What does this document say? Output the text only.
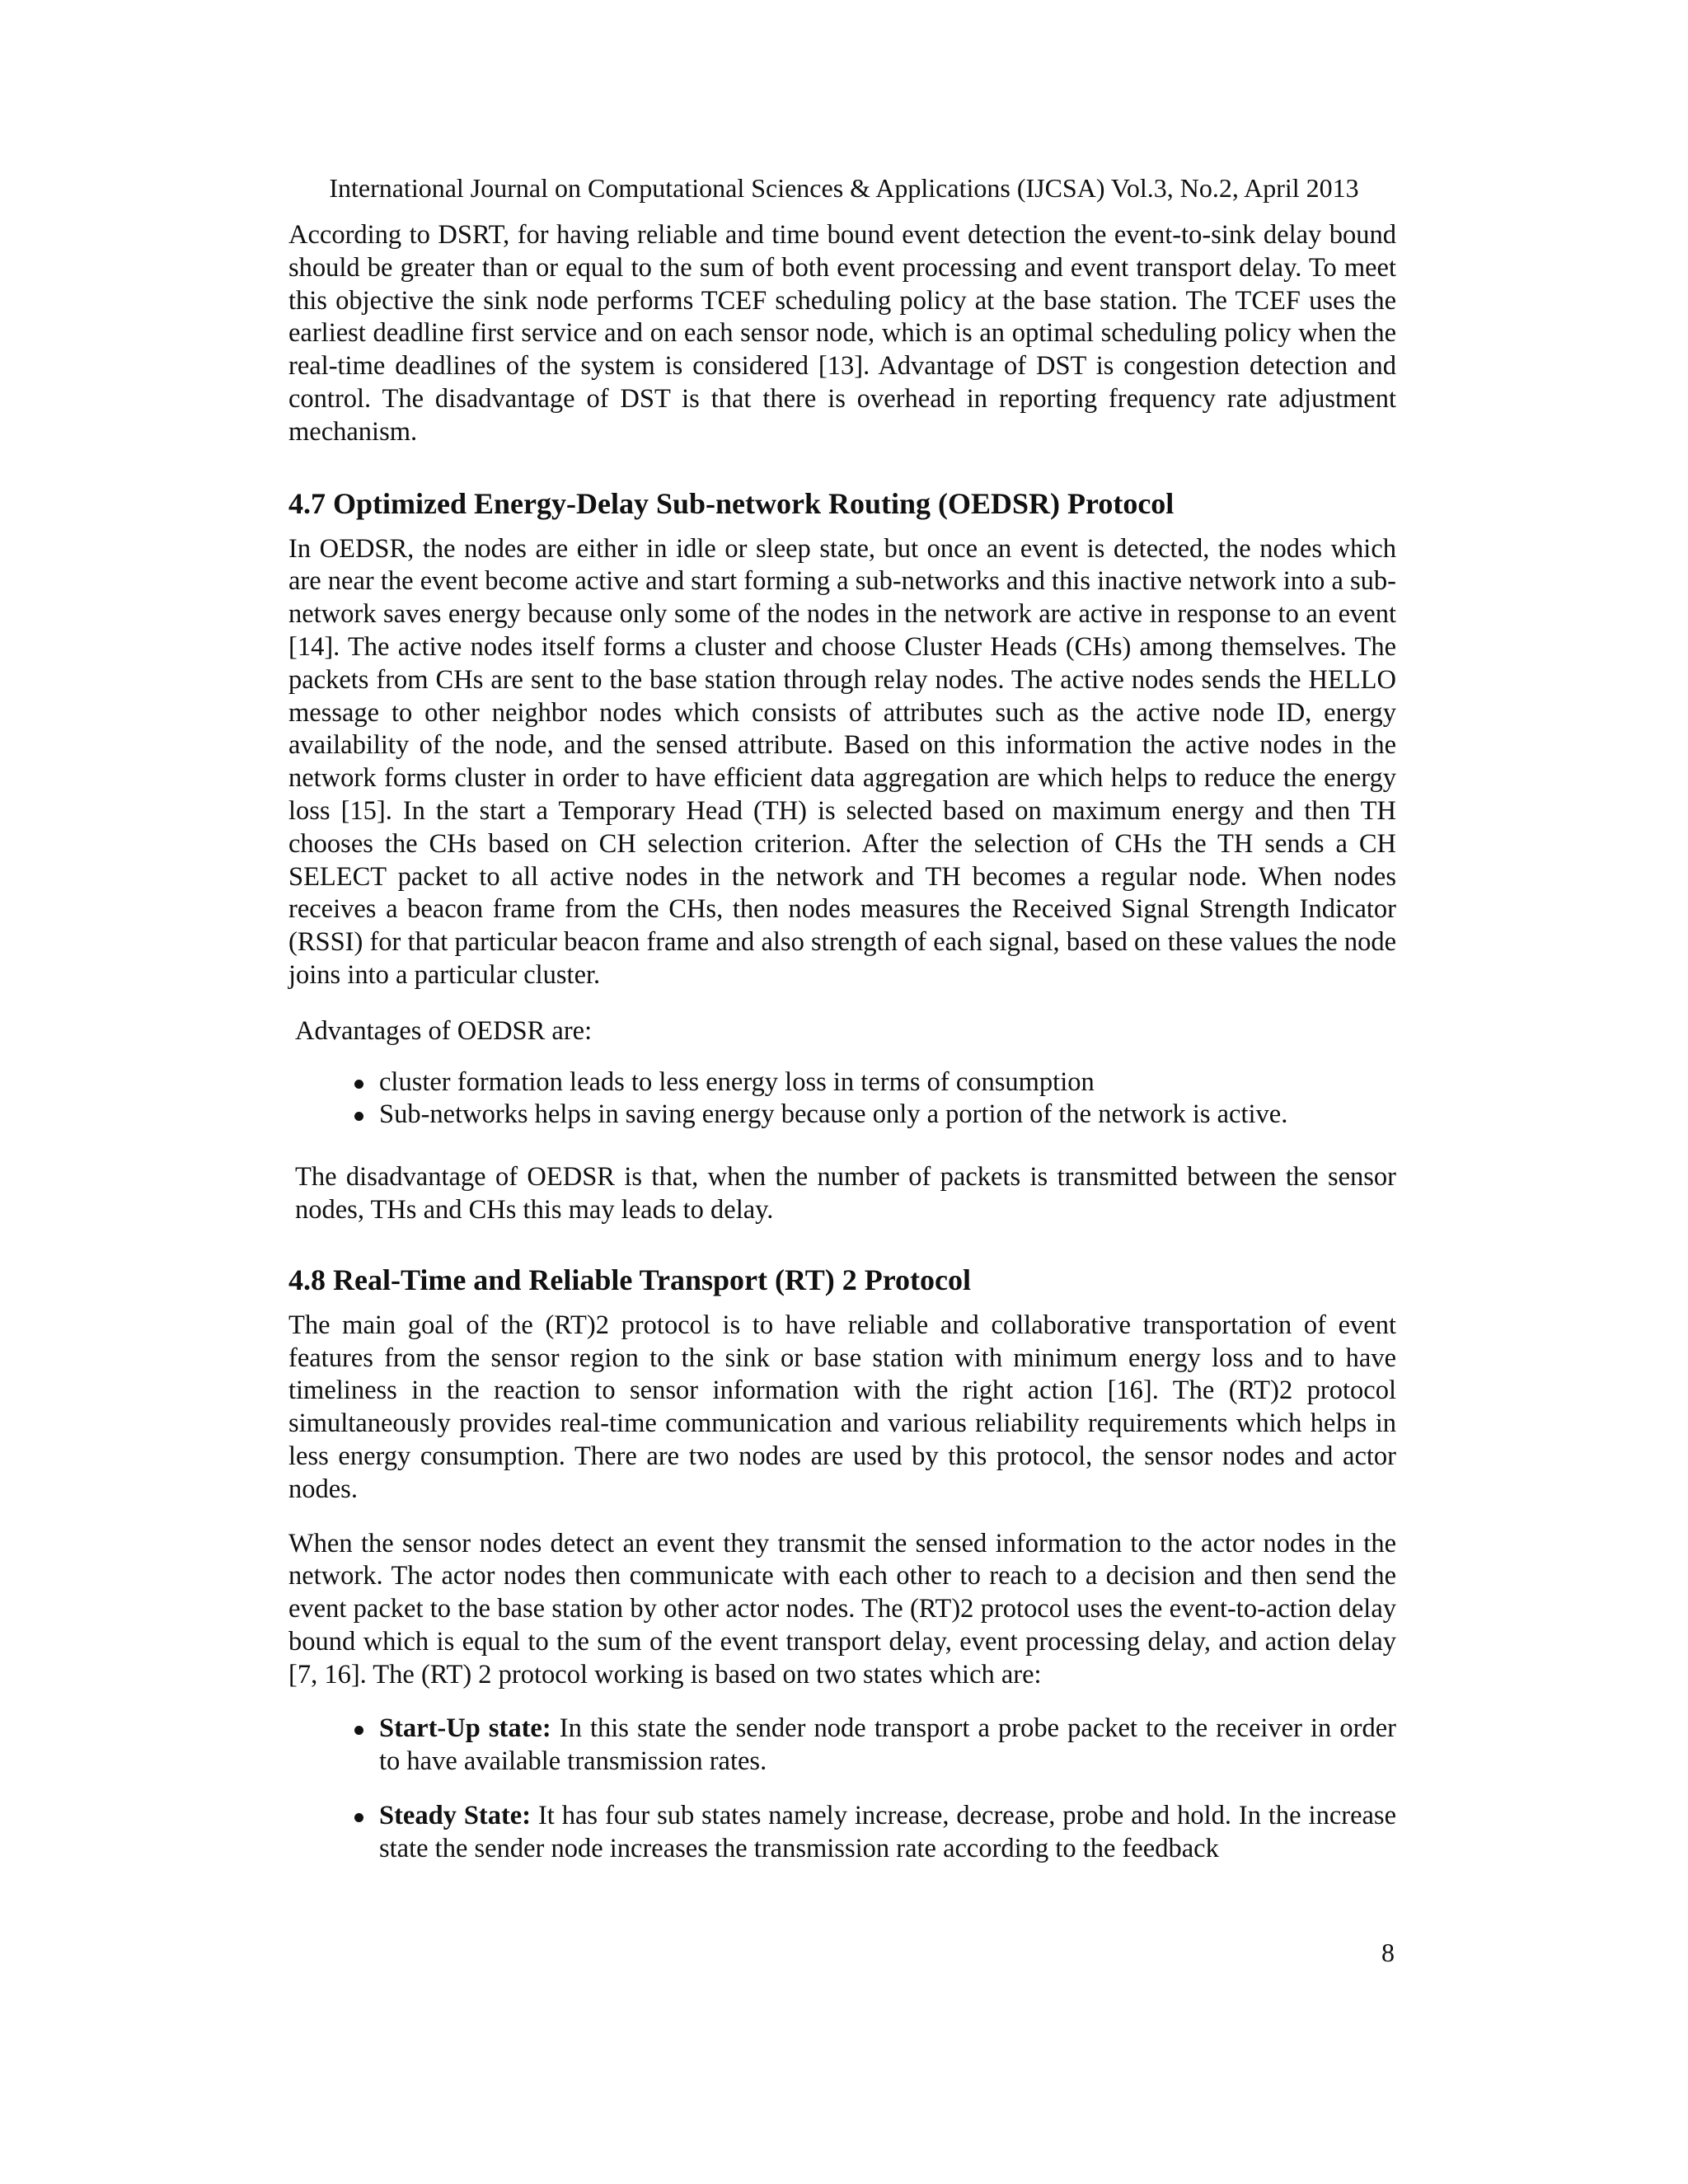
International Journal on Computational Sciences & Applications (IJCSA) Vol.3, No.2, April 2013

According to DSRT, for having reliable and time bound event detection the event-to-sink delay bound should be greater than or equal to the sum of both event processing and event transport delay. To meet this objective the sink node performs TCEF scheduling policy at the base station. The TCEF uses the earliest deadline first service and on each sensor node, which is an optimal scheduling policy when the real-time deadlines of the system is considered [13]. Advantage of DST is congestion detection and control. The disadvantage of DST is that there is overhead in reporting frequency rate adjustment mechanism.

4.7 Optimized Energy-Delay Sub-network Routing (OEDSR) Protocol

In OEDSR, the nodes are either in idle or sleep state, but once an event is detected, the nodes which are near the event become active and start forming a sub-networks and this inactive network into a sub-network saves energy because only some of the nodes in the network are active in response to an event [14]. The active nodes itself forms a cluster and choose Cluster Heads (CHs) among themselves. The packets from CHs are sent to the base station through relay nodes. The active nodes sends the HELLO message to other neighbor nodes which consists of attributes such as the active node ID, energy availability of the node, and the sensed attribute. Based on this information the active nodes in the network forms cluster in order to have efficient data aggregation are which helps to reduce the energy loss [15]. In the start a Temporary Head (TH) is selected based on maximum energy and then TH chooses the CHs based on CH selection criterion. After the selection of CHs the TH sends a CH SELECT packet to all active nodes in the network and TH becomes a regular node. When nodes receives a beacon frame from the CHs, then nodes measures the Received Signal Strength Indicator (RSSI) for that particular beacon frame and also strength of each signal, based on these values the node joins into a particular cluster.

Advantages of OEDSR are:

cluster formation leads to less energy loss in terms of consumption
Sub-networks helps in saving energy because only a portion of the network is active.

The disadvantage of OEDSR is that, when the number of packets is transmitted between the sensor nodes, THs and CHs this may leads to delay.

4.8 Real-Time and Reliable Transport (RT) 2 Protocol

The main goal of the (RT)2 protocol is to have reliable and collaborative transportation of event features from the sensor region to the sink or base station with minimum energy loss and to have timeliness in the reaction to sensor information with the right action [16]. The (RT)2 protocol simultaneously provides real-time communication and various reliability requirements which helps in less energy consumption. There are two nodes are used by this protocol, the sensor nodes and actor nodes.

When the sensor nodes detect an event they transmit the sensed information to the actor nodes in the network. The actor nodes then communicate with each other to reach to a decision and then send the event packet to the base station by other actor nodes. The (RT)2 protocol uses the event-to-action delay bound which is equal to the sum of the event transport delay, event processing delay, and action delay [7, 16]. The (RT) 2 protocol working is based on two states which are:

Start-Up state: In this state the sender node transport a probe packet to the receiver in order to have available transmission rates.
Steady State: It has four sub states namely increase, decrease, probe and hold. In the increase state the sender node increases the transmission rate according to the feedback
8
